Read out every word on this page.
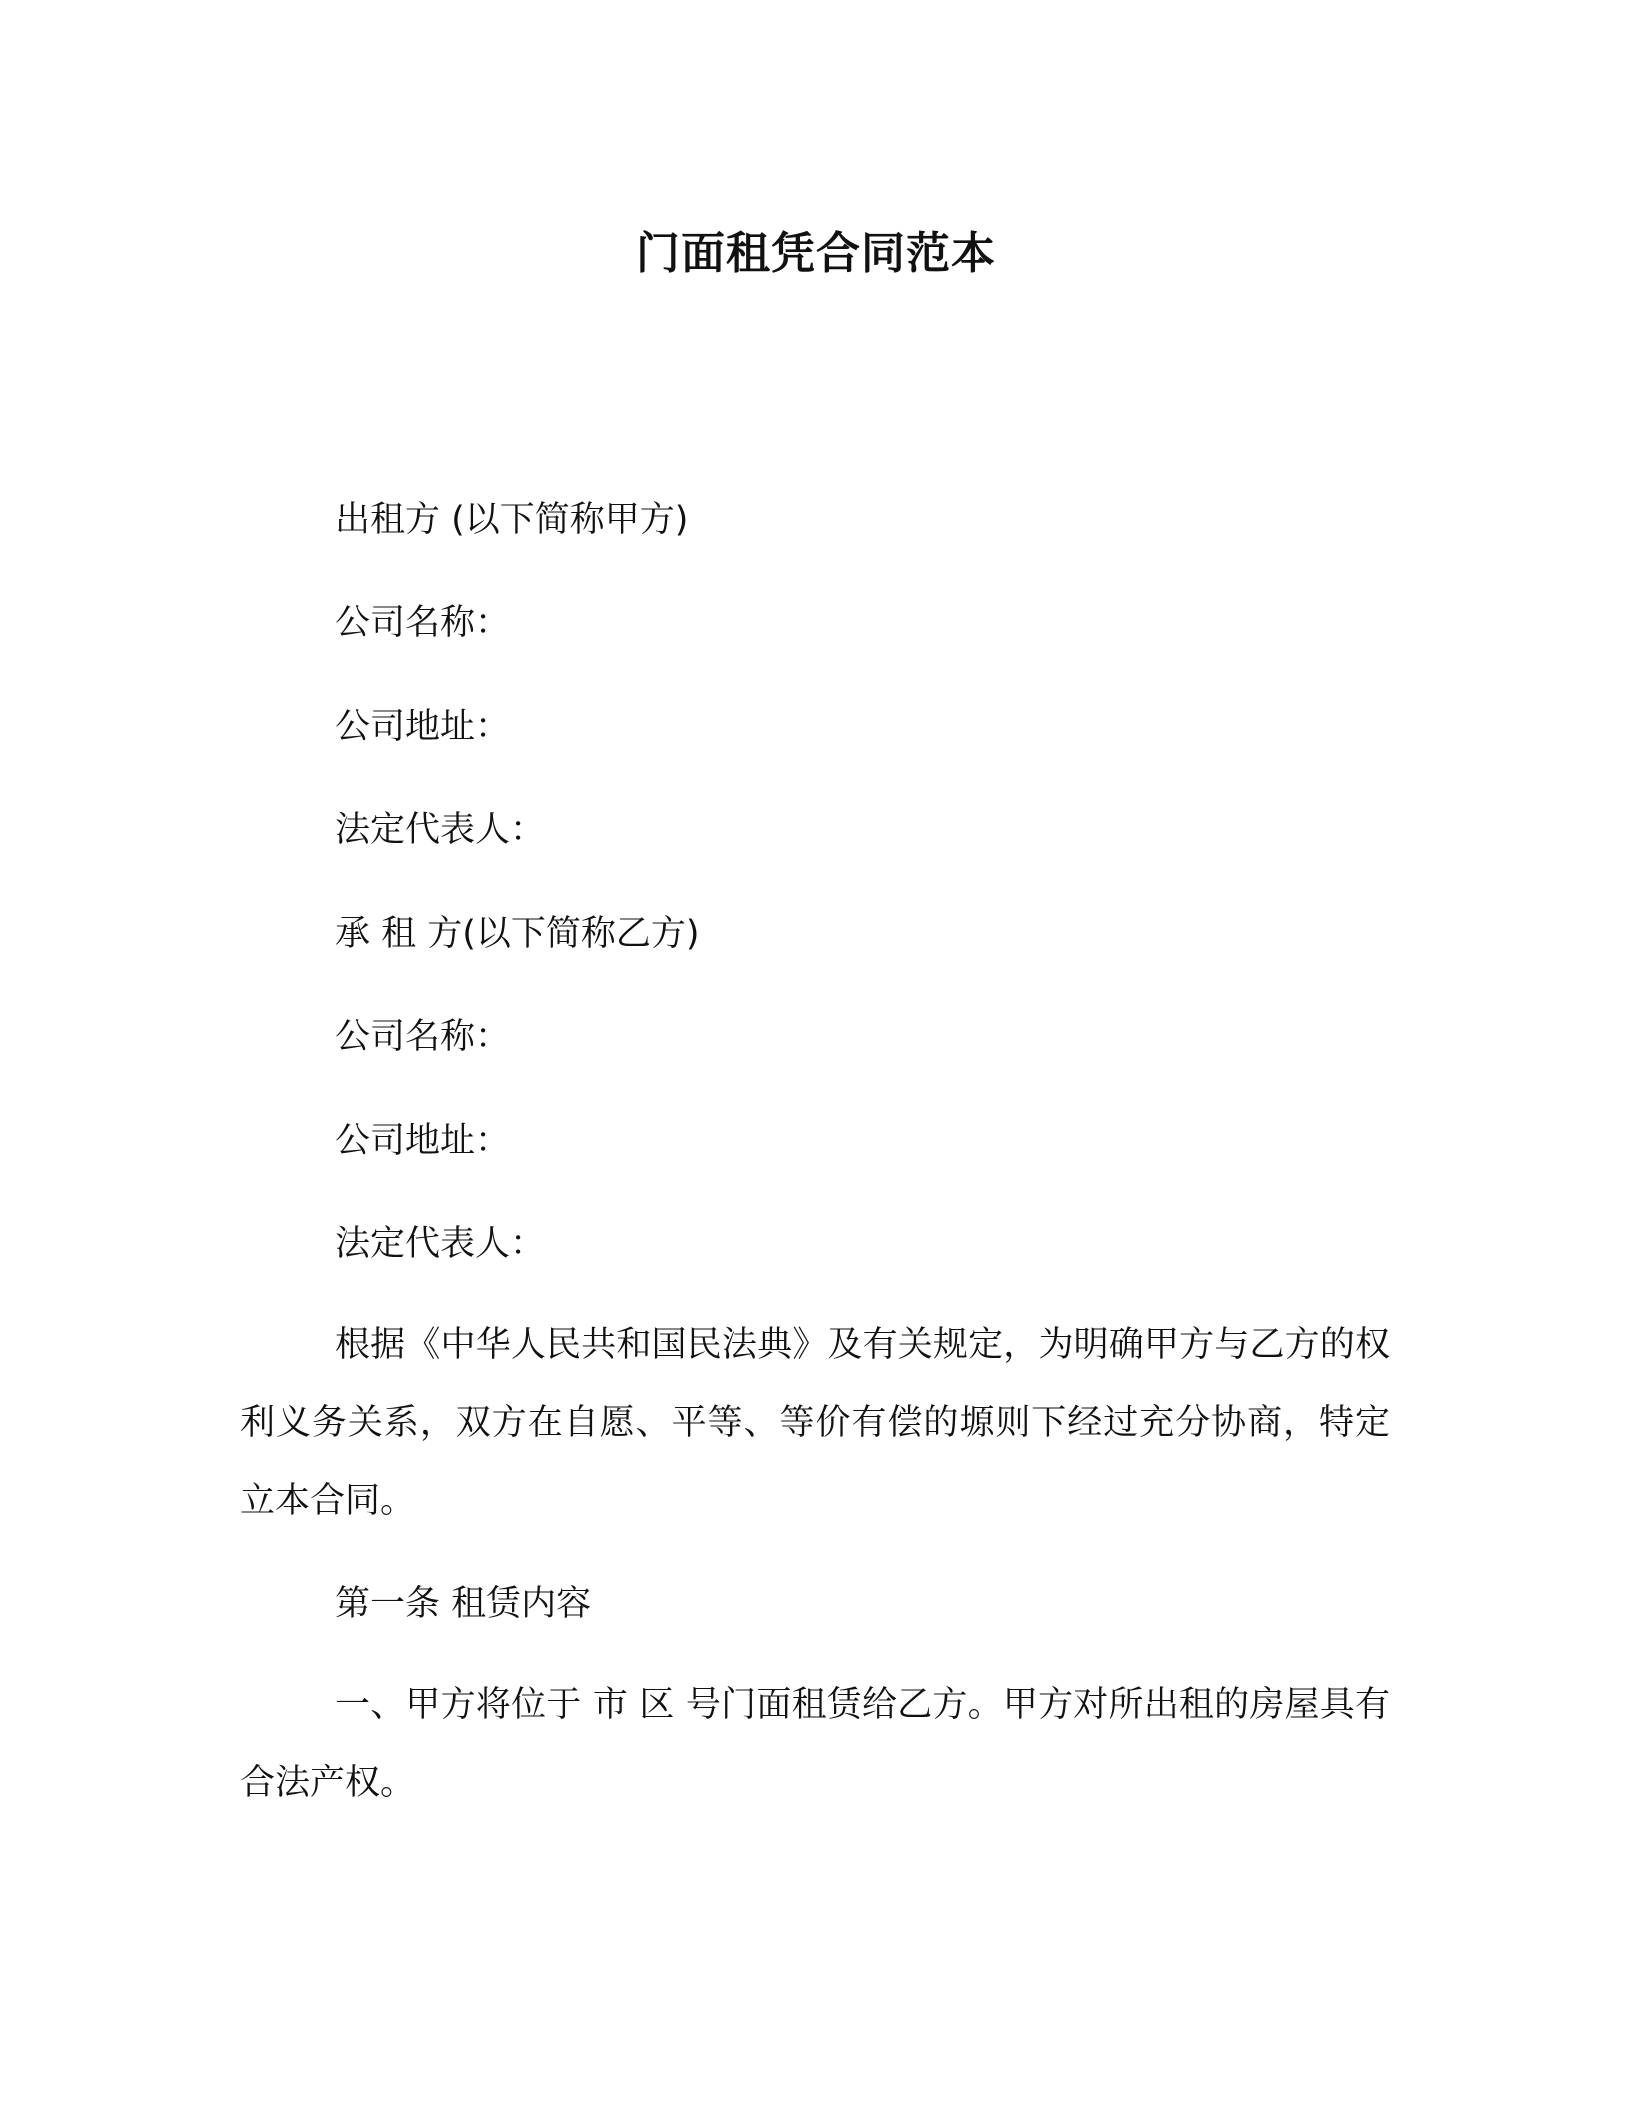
门面租凭合同范本
出租方 (以下简称甲方)
公司名称：
公司地址：
法定代表人：
承 租 方(以下简称乙方)
公司名称：
公司地址：
法定代表人：
根据《中华人民共和国民法典》及有关规定，为明确甲方与乙方的权利义务关系，双方在自愿、平等、等价有偿的塬则下经过充分协商，特定立本合同。
第一条 租赁内容
一、甲方将位于 市 区 号门面租赁给乙方。甲方对所出租的房屋具有合法产权。
